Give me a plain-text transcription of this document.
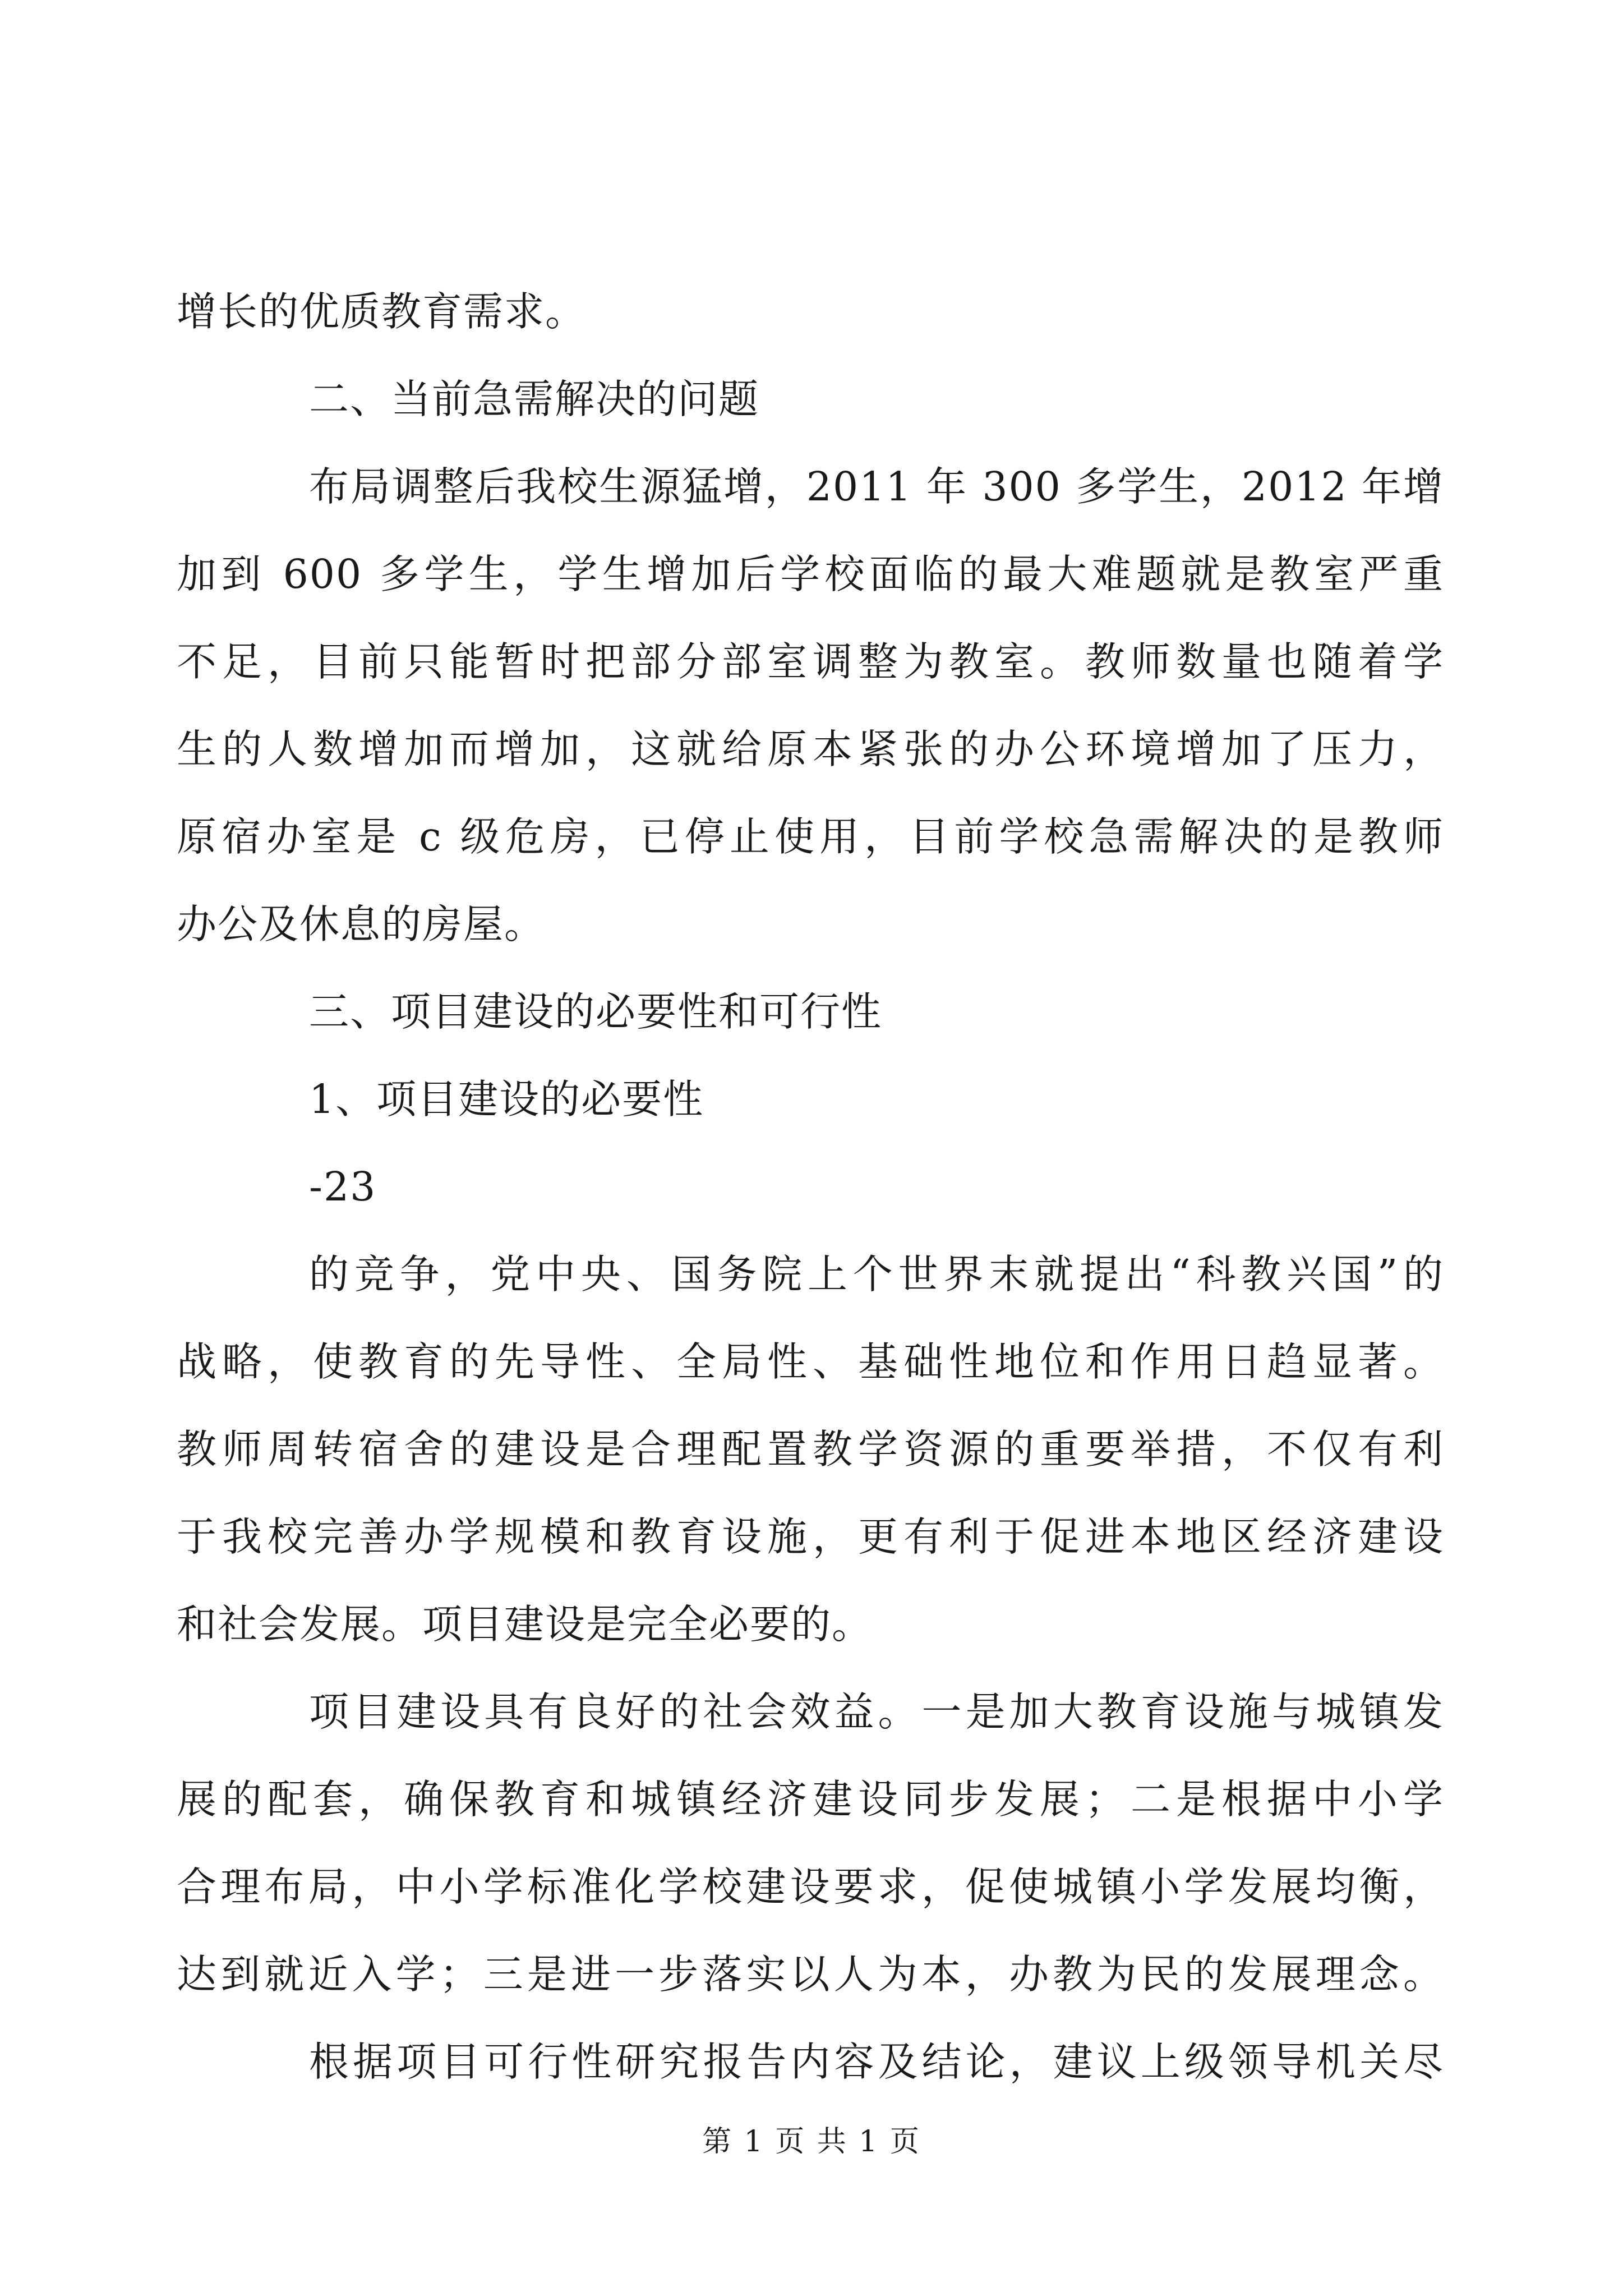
增长的优质教育需求。
二、当前急需解决的问题
布局调整后我校生源猛增，2011 年 300 多学生，2012 年增
加到 600 多学生，学生增加后学校面临的最大难题就是教室严重
不足，目前只能暂时把部分部室调整为教室。教师数量也随着学
生的人数增加而增加，这就给原本紧张的办公环境增加了压力，
原宿办室是 c 级危房，已停止使用，目前学校急需解决的是教师
办公及休息的房屋。
三、项目建设的必要性和可行性
1、项目建设的必要性
-23
的竞争，党中央、国务院上个世界末就提出“科教兴国”的
战略，使教育的先导性、全局性、基础性地位和作用日趋显著。
教师周转宿舍的建设是合理配置教学资源的重要举措，不仅有利
于我校完善办学规模和教育设施，更有利于促进本地区经济建设
和社会发展。项目建设是完全必要的。
项目建设具有良好的社会效益。一是加大教育设施与城镇发
展的配套，确保教育和城镇经济建设同步发展；二是根据中小学
合理布局，中小学标准化学校建设要求，促使城镇小学发展均衡，
达到就近入学；三是进一步落实以人为本，办教为民的发展理念。
根据项目可行性研究报告内容及结论，建议上级领导机关尽
第 1 页 共 1 页
